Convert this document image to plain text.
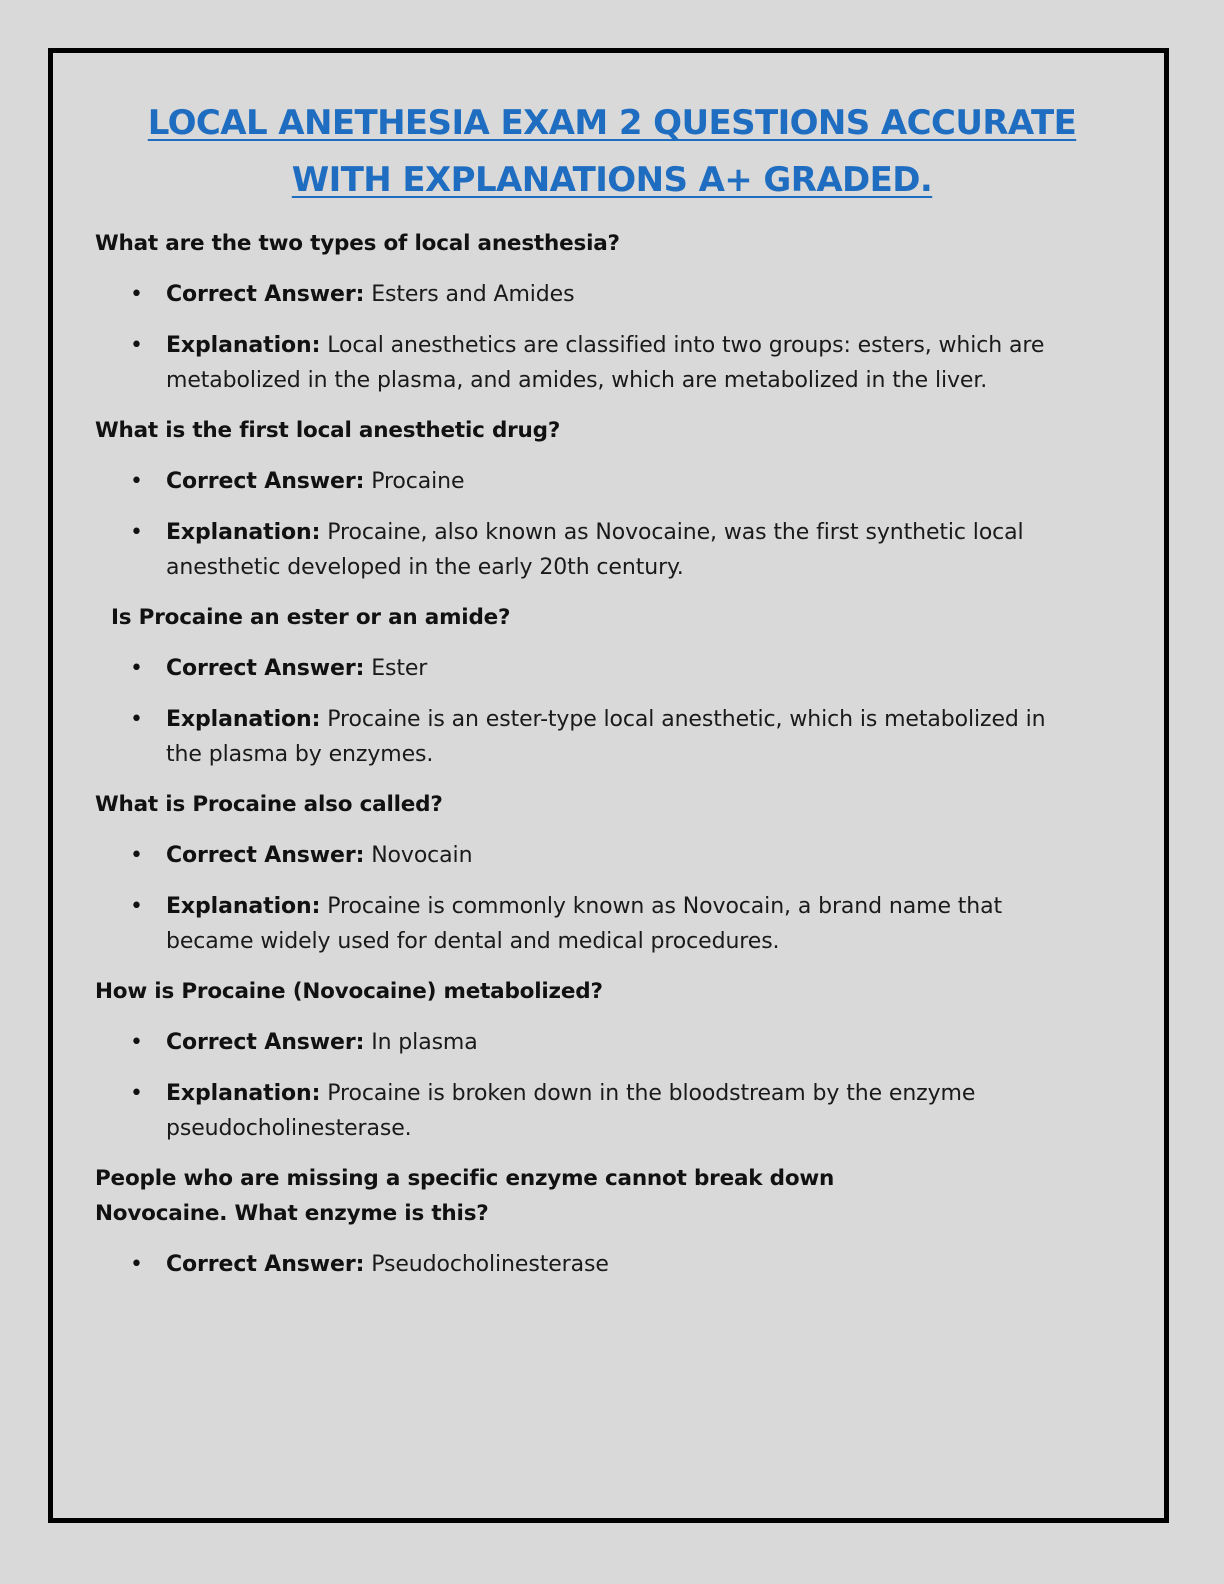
LOCAL ANETHESIA EXAM 2 QUESTIONS ACCURATE
WITH EXPLANATIONS A+ GRADED.

What are the two types of local anesthesia?

• Correct Answer: Esters and Amides
• Explanation: Local anesthetics are classified into two groups: esters, which are metabolized in the plasma, and amides, which are metabolized in the liver.

What is the first local anesthetic drug?

• Correct Answer: Procaine
• Explanation: Procaine, also known as Novocaine, was the first synthetic local anesthetic developed in the early 20th century.

Is Procaine an ester or an amide?

• Correct Answer: Ester
• Explanation: Procaine is an ester-type local anesthetic, which is metabolized in the plasma by enzymes.

What is Procaine also called?

• Correct Answer: Novocain
• Explanation: Procaine is commonly known as Novocain, a brand name that became widely used for dental and medical procedures.

How is Procaine (Novocaine) metabolized?

• Correct Answer: In plasma
• Explanation: Procaine is broken down in the bloodstream by the enzyme pseudocholinesterase.

People who are missing a specific enzyme cannot break down Novocaine. What enzyme is this?

• Correct Answer: Pseudocholinesterase
